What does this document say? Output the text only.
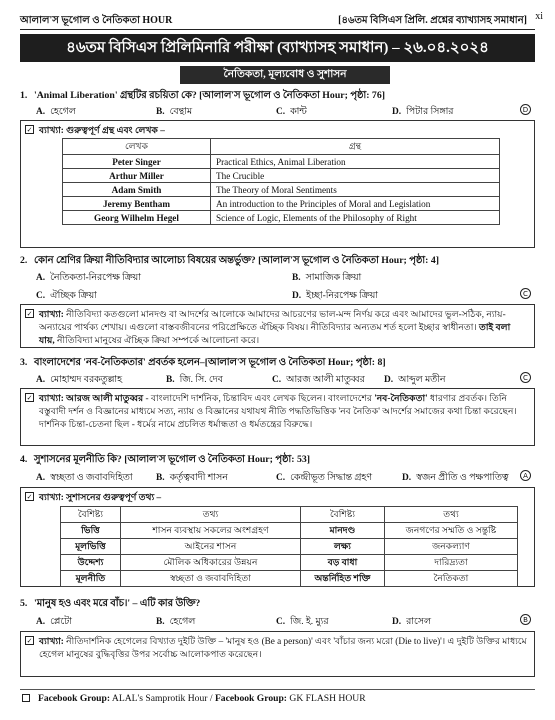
আলাল'স ভূগোল ও নৈতিকতা HOUR	[৪৬তম বিসিএস প্রিলি. প্রশ্নের ব্যাখ্যাসহ সমাধান] xi
৪৬তম বিসিএস প্রিলিমিনারি পরীক্ষা (ব্যাখ্যাসহ সমাধান) – ২৬.০৪.২০২৪
নৈতিকতা, মূল্যবোধ ও সুশাসন
1. 'Animal Liberation' গ্রন্থটির রচয়িতা কে? [আলাল'স ভূগোল ও নৈতিকতা Hour; পৃষ্ঠা: 76]
A. হেগেল	B. বেন্থাম	C. কান্ট	D. পিটার সিঙ্গার	D
✓ ব্যাখ্যা: গুরুত্বপূর্ণ গ্রন্থ এবং লেখক –
লেখক	গ্রন্থ
Peter Singer	Practical Ethics, Animal Liberation
Arthur Miller	The Crucible
Adam Smith	The Theory of Moral Sentiments
Jeremy Bentham	An introduction to the Principles of Moral and Legislation
Georg Wilhelm Hegel	Science of Logic, Elements of the Philosophy of Right
2. কোন শ্রেণির ক্রিয়া নীতিবিদ্যার আলোচ্য বিষয়ের অন্তর্ভুক্ত? [আলাল'স ভূগোল ও নৈতিকতা Hour; পৃষ্ঠা: 4]
A. নৈতিকতা-নিরপেক্ষ ক্রিয়া	B. সামাজিক ক্রিয়া
C. ঐচ্ছিক ক্রিয়া	D. ইচ্ছা-নিরপেক্ষ ক্রিয়া	C
✓ ব্যাখ্যা: নীতিবিদ্যা কতগুলো মানদণ্ড বা আদর্শের আলোকে আমাদের আচরণের ভাল-মন্দ নির্ণয় করে এবং আমাদের ভুল-সঠিক, ন্যায়-অন্যায়ের পার্থক্য শেখায়। এগুলো বাস্তবজীবনের পরিপ্রেক্ষিতে ঐচ্ছিক বিষয়। নীতিবিদ্যার অন্যতম শর্ত হলো ইচ্ছার স্বাধীনতা। তাই বলা যায়, নীতিবিদ্যা মানুষের ঐচ্ছিক ক্রিয়া সম্পর্কে আলোচনা করে।
3. বাংলাদেশের 'নব-নৈতিকতার' প্রবর্তক হলেন–[আলাল'স ভূগোল ও নৈতিকতা Hour; পৃষ্ঠা: 8]
A. মোহাম্মদ বরকতুল্লাহ	B. জি. সি. দেব	C. আরজ আলী মাতুব্বর D. আব্দুল মতীন	C
✓ ব্যাখ্যা: আরজ আলী মাতুব্বর - বাংলাদেশি দার্শনিক, চিন্তাবিদ এবং লেখক ছিলেন। বাংলাদেশের 'নব-নৈতিকতা' ধারণার প্রবর্তক। তিনি বস্তুবাদী দর্শন ও বিজ্ঞানের মাধ্যমে সত্য, ন্যায় ও বিজ্ঞানের যথাযথ নীতি পদ্ধতিভিত্তিক 'নব নৈতিক' আদর্শের সমাজের কথা চিন্তা করেছেন। দার্শনিক চিন্তা-চেতনা ছিল - ধর্মের নামে প্রচলিত ধর্মান্ধতা ও ধর্মতন্ত্রের বিরুদ্ধে।
4. সুশাসনের মূলনীতি কি? [আলাল'স ভূগোল ও নৈতিকতা Hour; পৃষ্ঠা: 53]
A. স্বচ্ছতা ও জবাবদিহিতা B. কর্তৃত্ববাদী শাসন	C. কেন্দ্রীভূত সিদ্ধান্ত গ্রহণ	D. স্বজন প্রীতি ও পক্ষপাতিত্ব	A
✓ ব্যাখ্যা: সুশাসনের গুরুত্বপূর্ণ তথ্য –
বৈশিষ্ট্য	তথ্য	বৈশিষ্ট্য	তথ্য
ভিত্তি	শাসন ব্যবস্থায় সকলের অংশগ্রহণ	মানদণ্ড	জনগণের সম্মতি ও সন্তুষ্টি
মূলভিত্তি	আইনের শাসন	লক্ষ্য	জনকল্যাণ
উদ্দেশ্য	মৌলিক অধিকারের উন্নয়ন	বড় বাধা	দারিদ্র্যতা
মূলনীতি	স্বচ্ছতা ও জবাবদিহিতা	অন্তর্নিহিত শক্তি	নৈতিকতা
5. 'মানুষ হও এবং মরে বাঁচ।' – এটি কার উক্তি?
A. প্লেটো	B. হেগেল	C. জি. ই. ম্যুর	D. রাসেল	B
✓ ব্যাখ্যা: নীতিদার্শনিক হেগেলের বিখ্যাত দুইটি উক্তি – 'মানুষ হও (Be a person)' এবং 'বাঁচার জন্য মরো (Die to live)'। এ দুইটি উক্তির মাধ্যমে হেগেল মানুষের বুদ্ধিবৃত্তির উপর সর্বোচ্চ আলোকপাত করেছেন।
Facebook Group: ALAL's Samprotik Hour / Facebook Group: GK FLASH HOUR
